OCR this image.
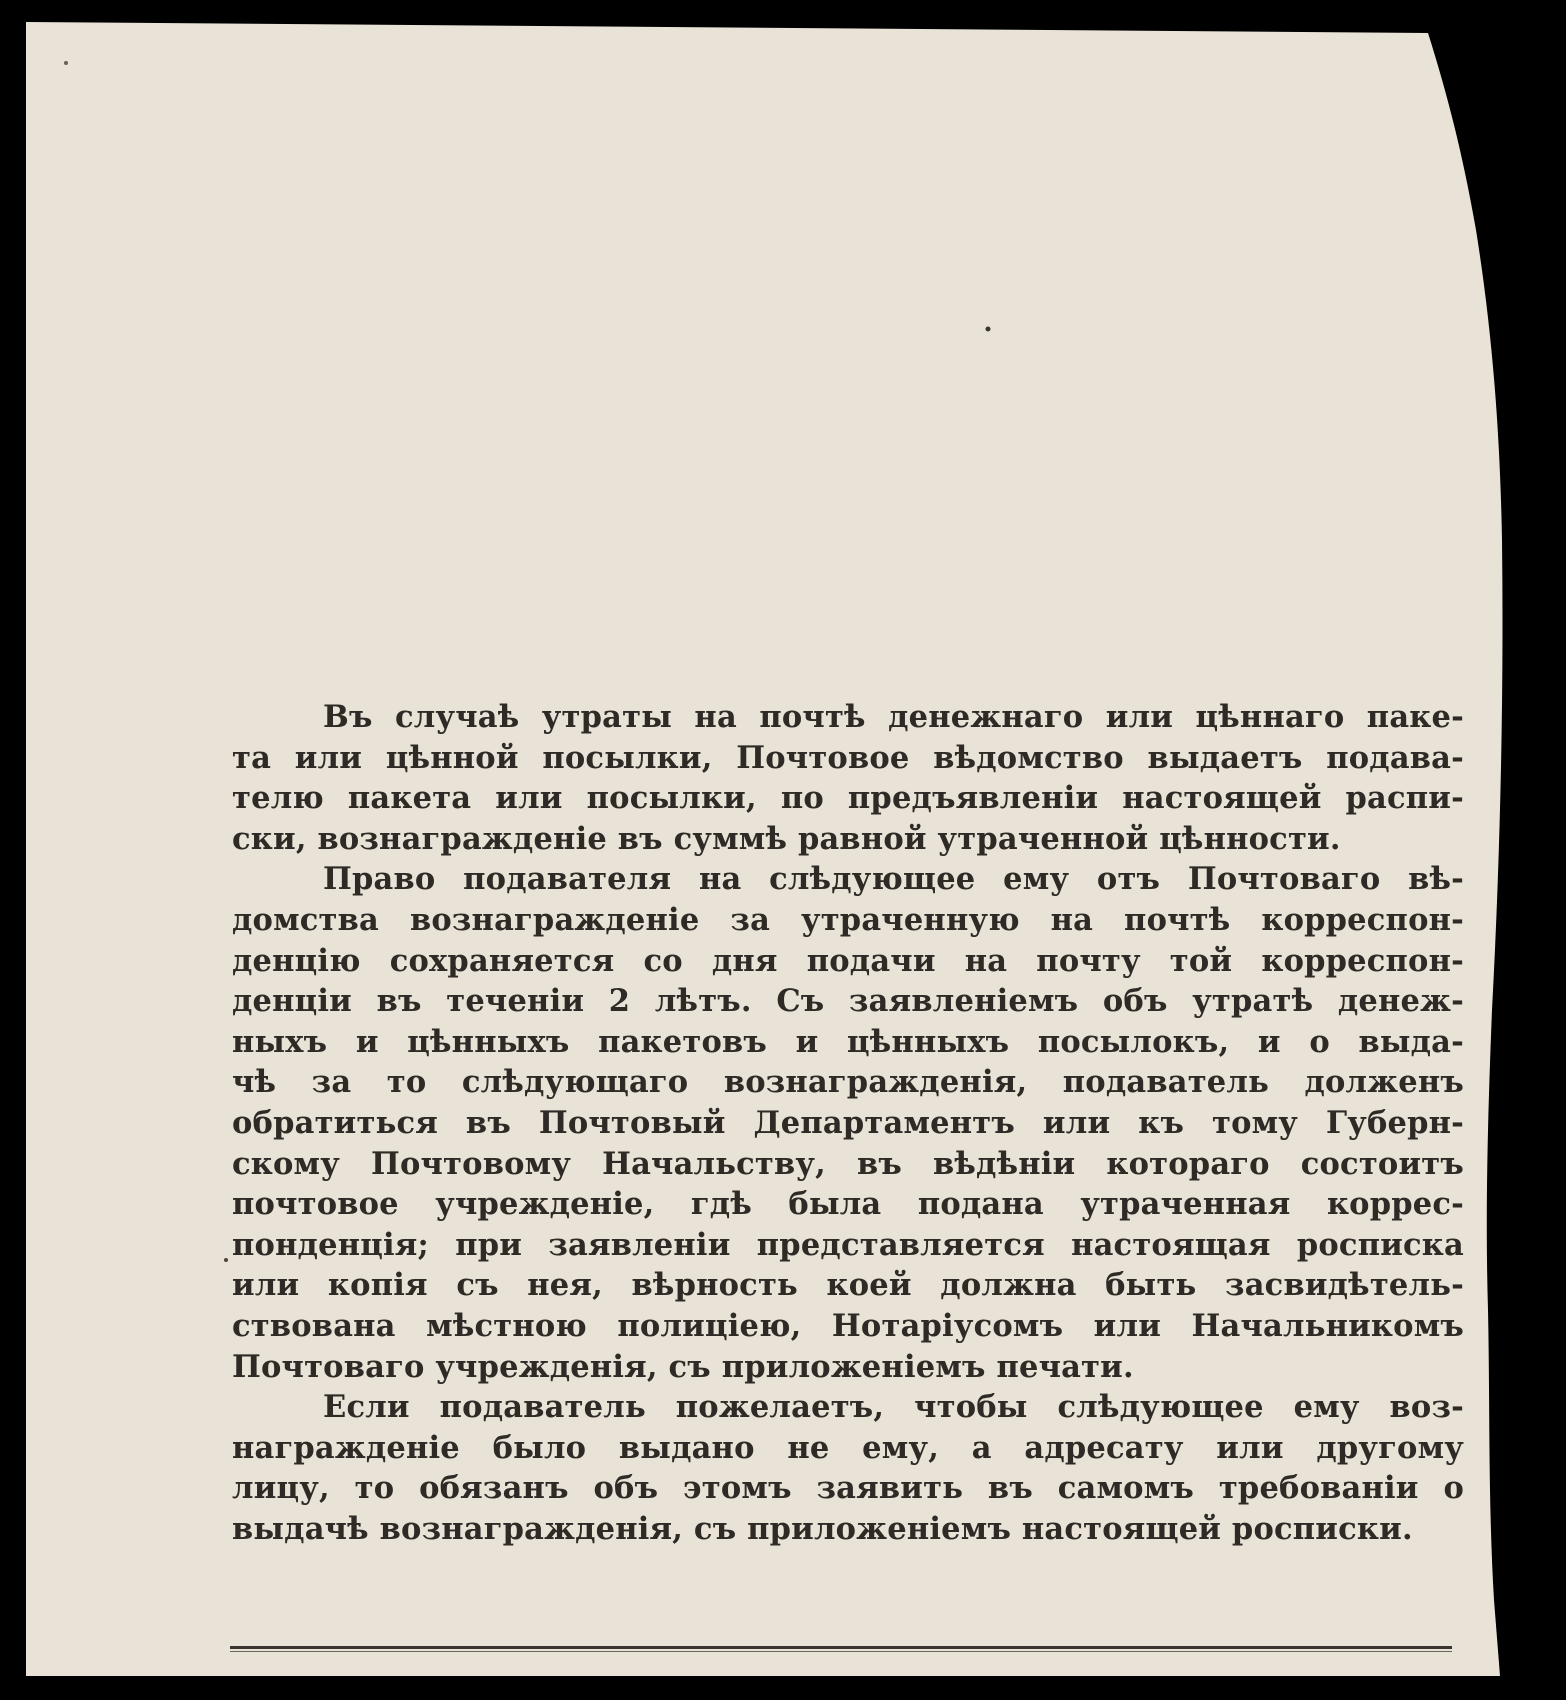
Въ случаѣ утраты на почтѣ денежнаго или цѣннаго паке-
та или цѣнной посылки, Почтовое вѣдомство выдаетъ подава-
телю пакета или посылки, по предъявленіи настоящей распи-
ски, вознагражденіе въ суммѣ равной утраченной цѣнности.
Право подавателя на слѣдующее ему отъ Почтоваго вѣ-
домства вознагражденіе за утраченную на почтѣ корреспон-
денцію сохраняется со дня подачи на почту той корреспон-
денціи въ теченіи 2 лѣтъ. Съ заявленіемъ объ утратѣ денеж-
ныхъ и цѣнныхъ пакетовъ и цѣнныхъ посылокъ, и о выда-
чѣ за то слѣдующаго вознагражденія, подаватель долженъ
обратиться въ Почтовый Департаментъ или къ тому Губерн-
скому Почтовому Начальству, въ вѣдѣніи котораго состоитъ
почтовое учрежденіе, гдѣ была подана утраченная коррес-
понденція; при заявленіи представляется настоящая росписка
или копія съ нея, вѣрность коей должна быть засвидѣтель-
ствована мѣстною полиціею, Нотаріусомъ или Начальникомъ
Почтоваго учрежденія, съ приложеніемъ печати.
Если подаватель пожелаетъ, чтобы слѣдующее ему воз-
награжденіе было выдано не ему, а адресату или другому
лицу, то обязанъ объ этомъ заявить въ самомъ требованіи о
выдачѣ вознагражденія, съ приложеніемъ настоящей росписки.
